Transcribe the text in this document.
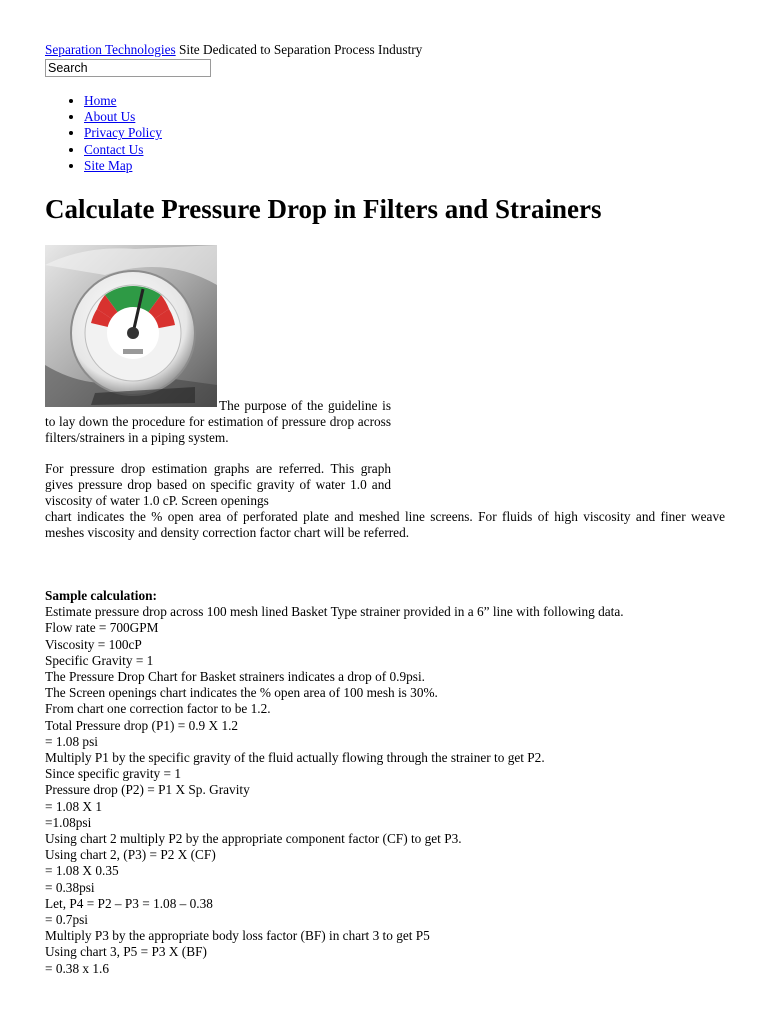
Separation Technologies Site Dedicated to Separation Process Industry
Search
• Home
• About Us
• Privacy Policy
• Contact Us
• Site Map
Calculate Pressure Drop in Filters and Strainers

The purpose of the guideline is to lay down the procedure for estimation of pressure drop across filters/strainers in a piping system.

For pressure drop estimation graphs are referred. This graph gives pressure drop based on specific gravity of water 1.0 and viscosity of water 1.0 cP. Screen openings

chart indicates the % open area of perforated plate and meshed line screens. For fluids of high viscosity and finer weave meshes viscosity and density correction factor chart will be referred.

Sample calculation:
Estimate pressure drop across 100 mesh lined Basket Type strainer provided in a 6” line with following data.
Flow rate = 700GPM
Viscosity = 100cP
Specific Gravity = 1
The Pressure Drop Chart for Basket strainers indicates a drop of 0.9psi.
The Screen openings chart indicates the % open area of 100 mesh is 30%.
From chart one correction factor to be 1.2.
Total Pressure drop (P1) = 0.9 X 1.2
= 1.08 psi
Multiply P1 by the specific gravity of the fluid actually flowing through the strainer to get P2.
Since specific gravity = 1
Pressure drop (P2) = P1 X Sp. Gravity
= 1.08 X 1
=1.08psi
Using chart 2 multiply P2 by the appropriate component factor (CF) to get P3.
Using chart 2, (P3) = P2 X (CF)
= 1.08 X 0.35
= 0.38psi
Let, P4 = P2 – P3 = 1.08 – 0.38
= 0.7psi
Multiply P3 by the appropriate body loss factor (BF) in chart 3 to get P5
Using chart 3, P5 = P3 X (BF)
= 0.38 x 1.6
